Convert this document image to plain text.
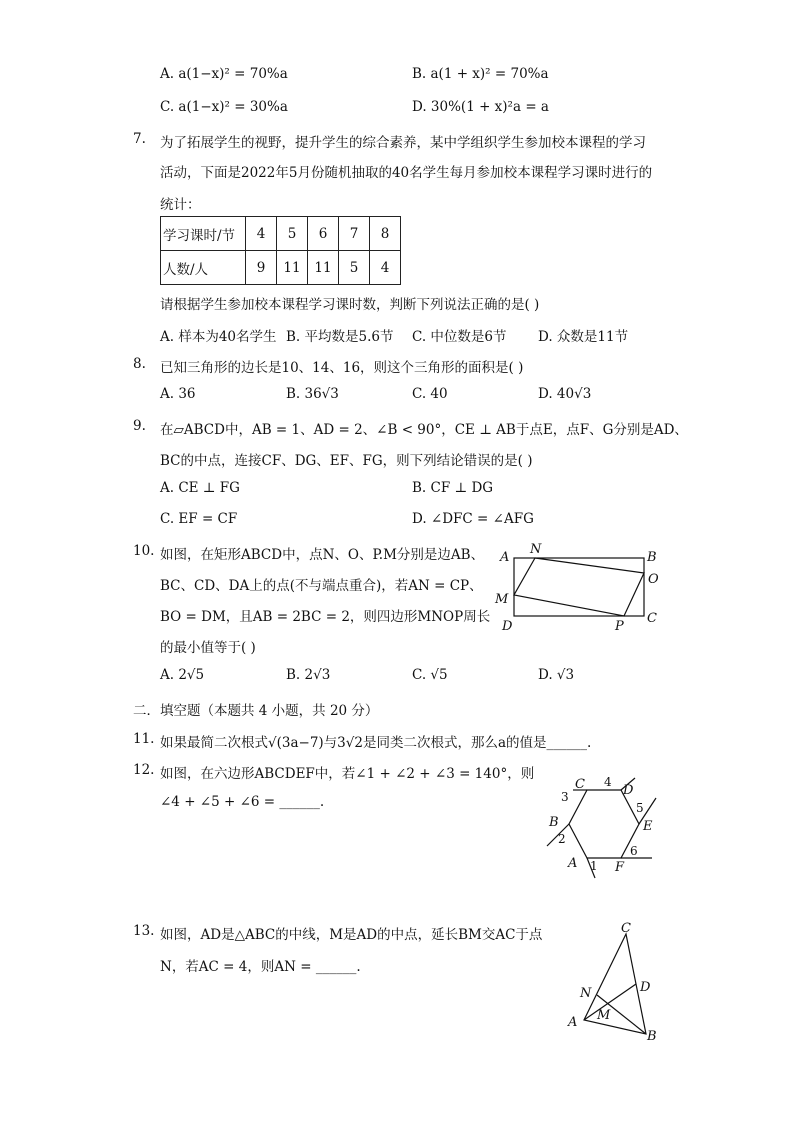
A. a(1−x)² = 70%a	B. a(1 + x)² = 70%a
C. a(1−x)² = 30%a	D. 30%(1 + x)²a = a
7. 为了拓展学生的视野，提升学生的综合素养，某中学组织学生参加校本课程的学习
活动，下面是2022年5月份随机抽取的40名学生每月参加校本课程学习课时进行的
统计：
学习课时/节	4	5	6	7	8
人数/人	9	11	11	5	4
请根据学生参加校本课程学习课时数，判断下列说法正确的是( )
A. 样本为40名学生 B. 平均数是5.6节 C. 中位数是6节 D. 众数是11节
8. 已知三角形的边长是10、14、16，则这个三角形的面积是( )
A. 36	B. 36√3	C. 40	D. 40√3
9. 在▱ABCD中，AB = 1、AD = 2、∠B < 90°，CE ⊥ AB于点E，点F、G分别是AD、
BC的中点，连接CF、DG、EF、FG，则下列结论错误的是( )
A. CE ⊥ FG	B. CF ⊥ DG
C. EF = CF	D. ∠DFC = ∠AFG
10. 如图，在矩形ABCD中，点N、O、P.M分别是边AB、
BC、CD、DA上的点(不与端点重合)，若AN = CP、
BO = DM，且AB = 2BC = 2，则四边形MNOP周长
的最小值等于( )
A
N
B
O
M
C
D	P
A. 2√5	B. 2√3	C. √5	D. √3
二．填空题（本题共 4 小题，共 20 分）
11. 如果最简二次根式√(3a−7)与3√2是同类二次根式，那么a的值是______.
12. 如图，在六边形ABCDEF中，若∠1 + ∠2 + ∠3 = 140°，则
∠4 + ∠5 + ∠6 = ______.
C	D
E
F
A
B
1
2
3
4
5
6
13. 如图，AD是△ABC的中线，M是AD的中点，延长BM交AC于点
N，若AC = 4，则AN = ______.
C
D
N
M
A
B
